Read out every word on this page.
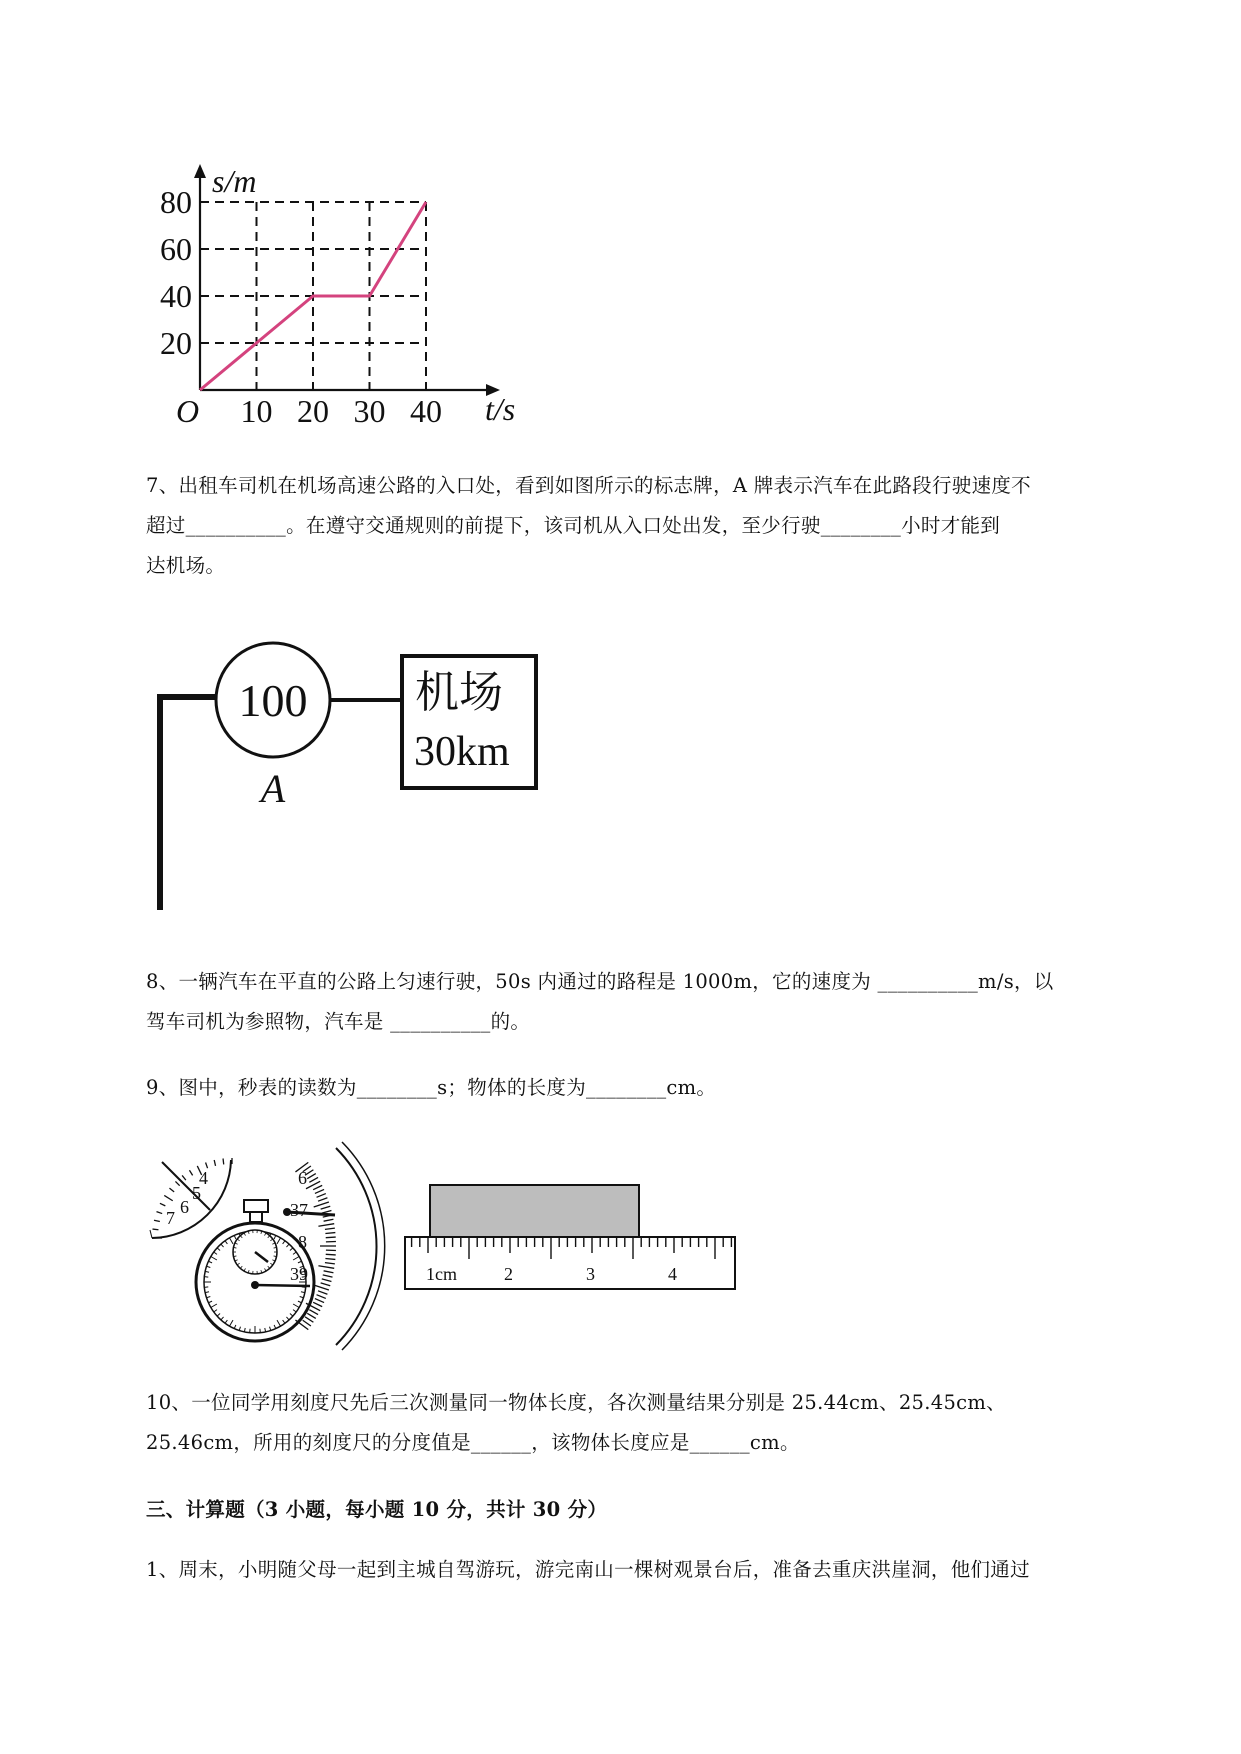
20
40
60
80
10 20 30 40
s/m
t/s
O
7、出租车司机在机场高速公路的入口处，看到如图所示的标志牌，A 牌表示汽车在此路段行驶速度不
超过__________。在遵守交通规则的前提下，该司机从入口处出发，至少行驶________小时才能到
达机场。
100
A
机场
30km
8、一辆汽车在平直的公路上匀速行驶，50s 内通过的路程是 1000m，它的速度为 __________m/s，以
驾车司机为参照物，汽车是 __________的。
9、图中，秒表的读数为________s；物体的长度为________cm。
4
5
6
7
6
37
8
39	1cm	2	3	4
10、一位同学用刻度尺先后三次测量同一物体长度，各次测量结果分别是 25.44cm、25.45cm、
25.46cm，所用的刻度尺的分度值是______，该物体长度应是______cm。
三、计算题（3 小题，每小题 10 分，共计 30 分）
1、周末，小明随父母一起到主城自驾游玩，游完南山一棵树观景台后，准备去重庆洪崖洞，他们通过
